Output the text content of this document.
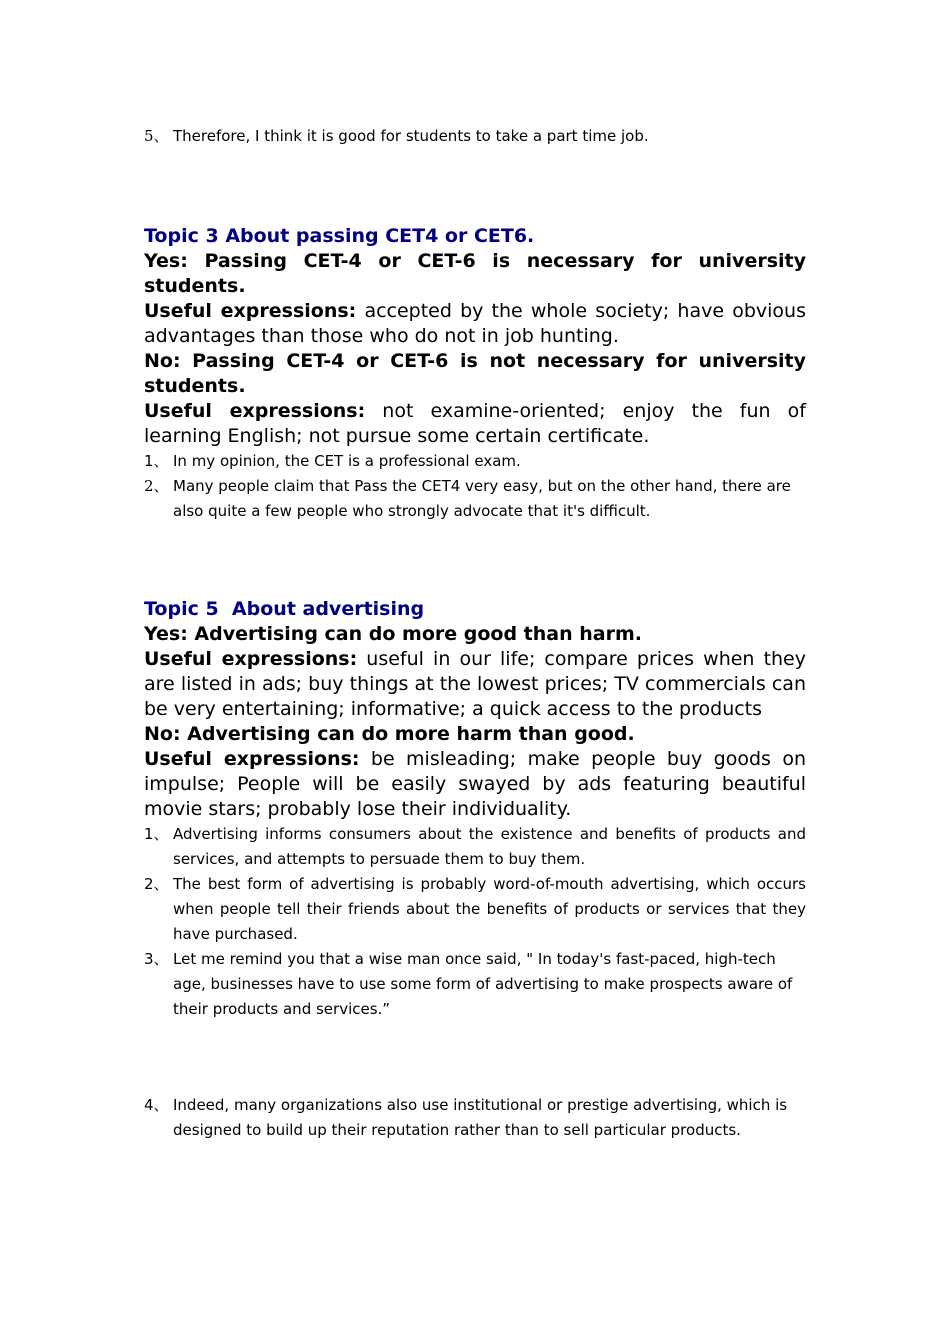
5、 Therefore, I think it is good for students to take a part time job.

Topic 3 About passing CET4 or CET6.

Yes: Passing CET-4 or CET-6 is necessary for university students.

Useful expressions: accepted by the whole society; have obvious advantages than those who do not in job hunting.

No: Passing CET-4 or CET-6 is not necessary for university students.

Useful expressions: not examine-oriented; enjoy the fun of learning English; not pursue some certain certificate.

1、 In my opinion, the CET is a professional exam.
2、 Many people claim that Pass the CET4 very easy, but on the other hand, there are also quite a few people who strongly advocate that it's difficult.

Topic 5  About advertising

Yes: Advertising can do more good than harm.

Useful expressions: useful in our life; compare prices when they are listed in ads; buy things at the lowest prices; TV commercials can be very entertaining; informative; a quick access to the products

No: Advertising can do more harm than good.

Useful expressions: be misleading; make people buy goods on impulse; People will be easily swayed by ads featuring beautiful movie stars; probably lose their individuality.

1、 Advertising informs consumers about the existence and benefits of products and services, and attempts to persuade them to buy them.
2、 The best form of advertising is probably word-of-mouth advertising, which occurs when people tell their friends about the benefits of products or services that they have purchased.
3、 Let me remind you that a wise man once said, " In today's fast-paced, high-tech age, businesses have to use some form of advertising to make prospects aware of their products and services.”
4、 Indeed, many organizations also use institutional or prestige advertising, which is designed to build up their reputation rather than to sell particular products.
